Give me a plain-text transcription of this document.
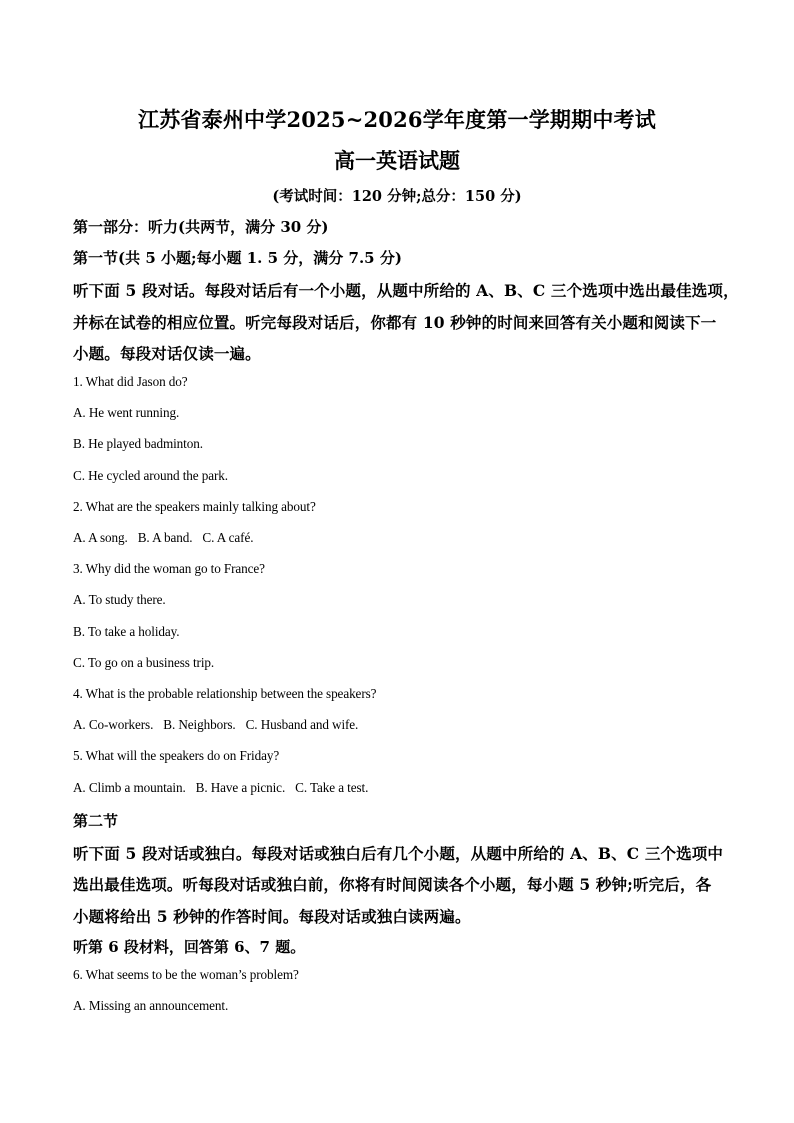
江苏省泰州中学2025~2026学年度第一学期期中考试
高一英语试题
(考试时间：120 分钟;总分：150 分)
第一部分：听力(共两节，满分 30 分)
第一节(共 5 小题;每小题 1. 5 分，满分 7.5 分)
听下面 5 段对话。每段对话后有一个小题，从题中所给的 A、B、C 三个选项中选出最佳选项，
并标在试卷的相应位置。听完每段对话后，你都有 10 秒钟的时间来回答有关小题和阅读下一
小题。每段对话仅读一遍。
1. What did Jason do?
A. He went running.
B. He played badminton.
C. He cycled around the park.
2. What are the speakers mainly talking about?
A. A song. B. A band. C. A café.
3. Why did the woman go to France?
A. To study there.
B. To take a holiday.
C. To go on a business trip.
4. What is the probable relationship between the speakers?
A. Co-workers. B. Neighbors. C. Husband and wife.
5. What will the speakers do on Friday?
A. Climb a mountain. B. Have a picnic. C. Take a test.
第二节
听下面 5 段对话或独白。每段对话或独白后有几个小题，从题中所给的 A、B、C 三个选项中
选出最佳选项。听每段对话或独白前，你将有时间阅读各个小题，每小题 5 秒钟;听完后，各
小题将给出 5 秒钟的作答时间。每段对话或独白读两遍。
听第 6 段材料，回答第 6、7 题。
6. What seems to be the woman’s problem?
A. Missing an announcement.
